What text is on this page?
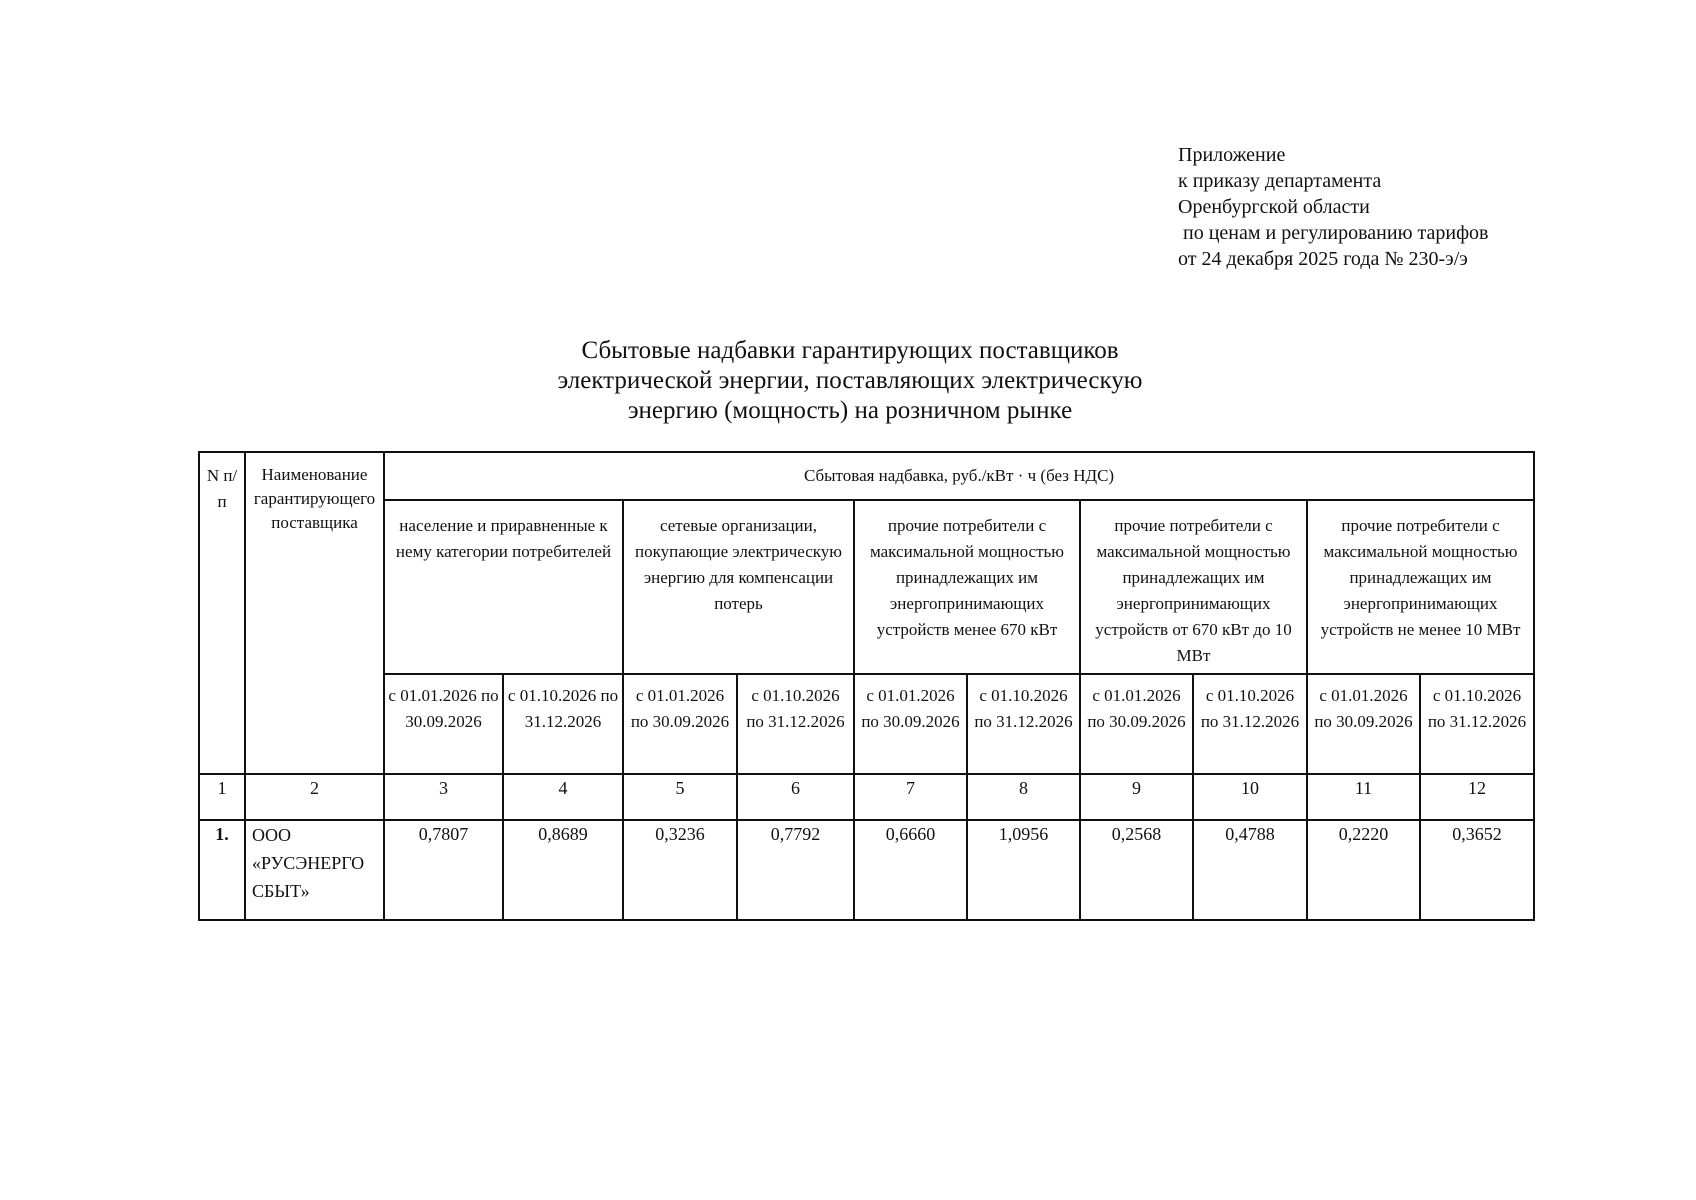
Приложение
к приказу департамента
Оренбургской области
по ценам и регулированию тарифов
от 24 декабря 2025 года № 230-э/э
Сбытовые надбавки гарантирующих поставщиков
электрической энергии, поставляющих электрическую
энергию (мощность) на розничном рынке
N п/п	Наименование гарантирующего поставщика	Сбытовая надбавка, руб./кВт · ч (без НДС)									
		население и приравненные к нему категории потребителей		сетевые организации, покупающие электрическую энергию для компенсации потерь		прочие потребители с максимальной мощностью принадлежащих им энергопринимающих устройств менее 670 кВт		прочие потребители с максимальной мощностью принадлежащих им энергопринимающих устройств от 670 кВт до 10 МВт		прочие потребители с максимальной мощностью принадлежащих им энергопринимающих устройств не менее 10 МВт	
		с 01.01.2026 по 30.09.2026	с 01.10.2026 по 31.12.2026	с 01.01.2026 по 30.09.2026	с 01.10.2026 по 31.12.2026	с 01.01.2026 по 30.09.2026	с 01.10.2026 по 31.12.2026	с 01.01.2026 по 30.09.2026	с 01.10.2026 по 31.12.2026	с 01.01.2026 по 30.09.2026	с 01.10.2026 по 31.12.2026
1	2	3	4	5	6	7	8	9	10	11	12
1.	ООО «РУСЭНЕРГО СБЫТ»	0,7807	0,8689	0,3236	0,7792	0,6660	1,0956	0,2568	0,4788	0,2220	0,3652
